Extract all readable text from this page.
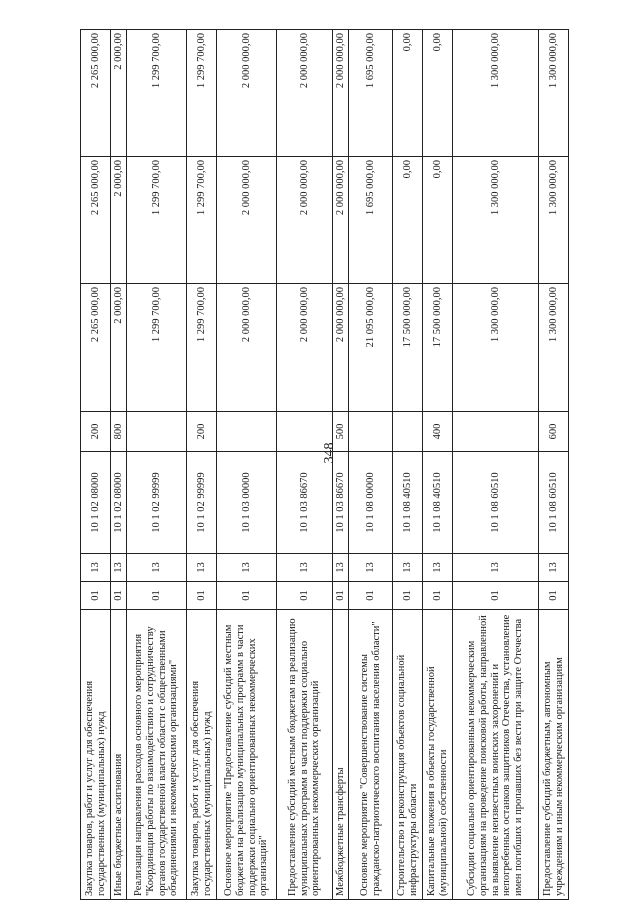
348
Закупка товаров, работ и услуг для обеспечения государственных (муниципальных) нужд	01	13	10 1 02 08000	200	2 265 000,00	2 265 000,00	2 265 000,00
Иные бюджетные ассигнования	01	13	10 1 02 08000	800	2 000,00	2 000,00	2 000,00
Реализация направления расходов основного мероприятия "Координация работы по взаимодействию и сотрудничеству органов государственной власти области с общественными объединениями и некоммерческими организациями"	01	13	10 1 02 99999		1 299 700,00	1 299 700,00	1 299 700,00
Закупка товаров, работ и услуг для обеспечения государственных (муниципальных) нужд	01	13	10 1 02 99999	200	1 299 700,00	1 299 700,00	1 299 700,00
Основное мероприятие "Предоставление субсидий местным бюджетам на реализацию муниципальных программ в части поддержки социально ориентированных некоммерческих организаций"	01	13	10 1 03 00000		2 000 000,00	2 000 000,00	2 000 000,00
Предоставление субсидий местным бюджетам на реализацию муниципальных программ в части поддержки социально ориентированных некоммерческих организаций	01	13	10 1 03 86670		2 000 000,00	2 000 000,00	2 000 000,00
Межбюджетные трансферты	01	13	10 1 03 86670	500	2 000 000,00	2 000 000,00	2 000 000,00
Основное мероприятие "Совершенствование системы гражданско-патриотического воспитания населения области"	01	13	10 1 08 00000		21 095 000,00	1 695 000,00	1 695 000,00
Строительство и реконструкция объектов социальной инфраструктуры области	01	13	10 1 08 40510		17 500 000,00	0,00	0,00
Капитальные вложения в объекты государственной (муниципальной) собственности	01	13	10 1 08 40510	400	17 500 000,00	0,00	0,00
Субсидии социально ориентированным некоммерческим организациям на проведение поисковой работы, направленной на выявление неизвестных воинских захоронений и непогребенных останков защитников Отечества, установление имен погибших и пропавших без вести при защите Отечества	01	13	10 1 08 60510		1 300 000,00	1 300 000,00	1 300 000,00
Предоставление субсидий бюджетным, автономным учреждениям и иным некоммерческим организациям	01	13	10 1 08 60510	600	1 300 000,00	1 300 000,00	1 300 000,00
